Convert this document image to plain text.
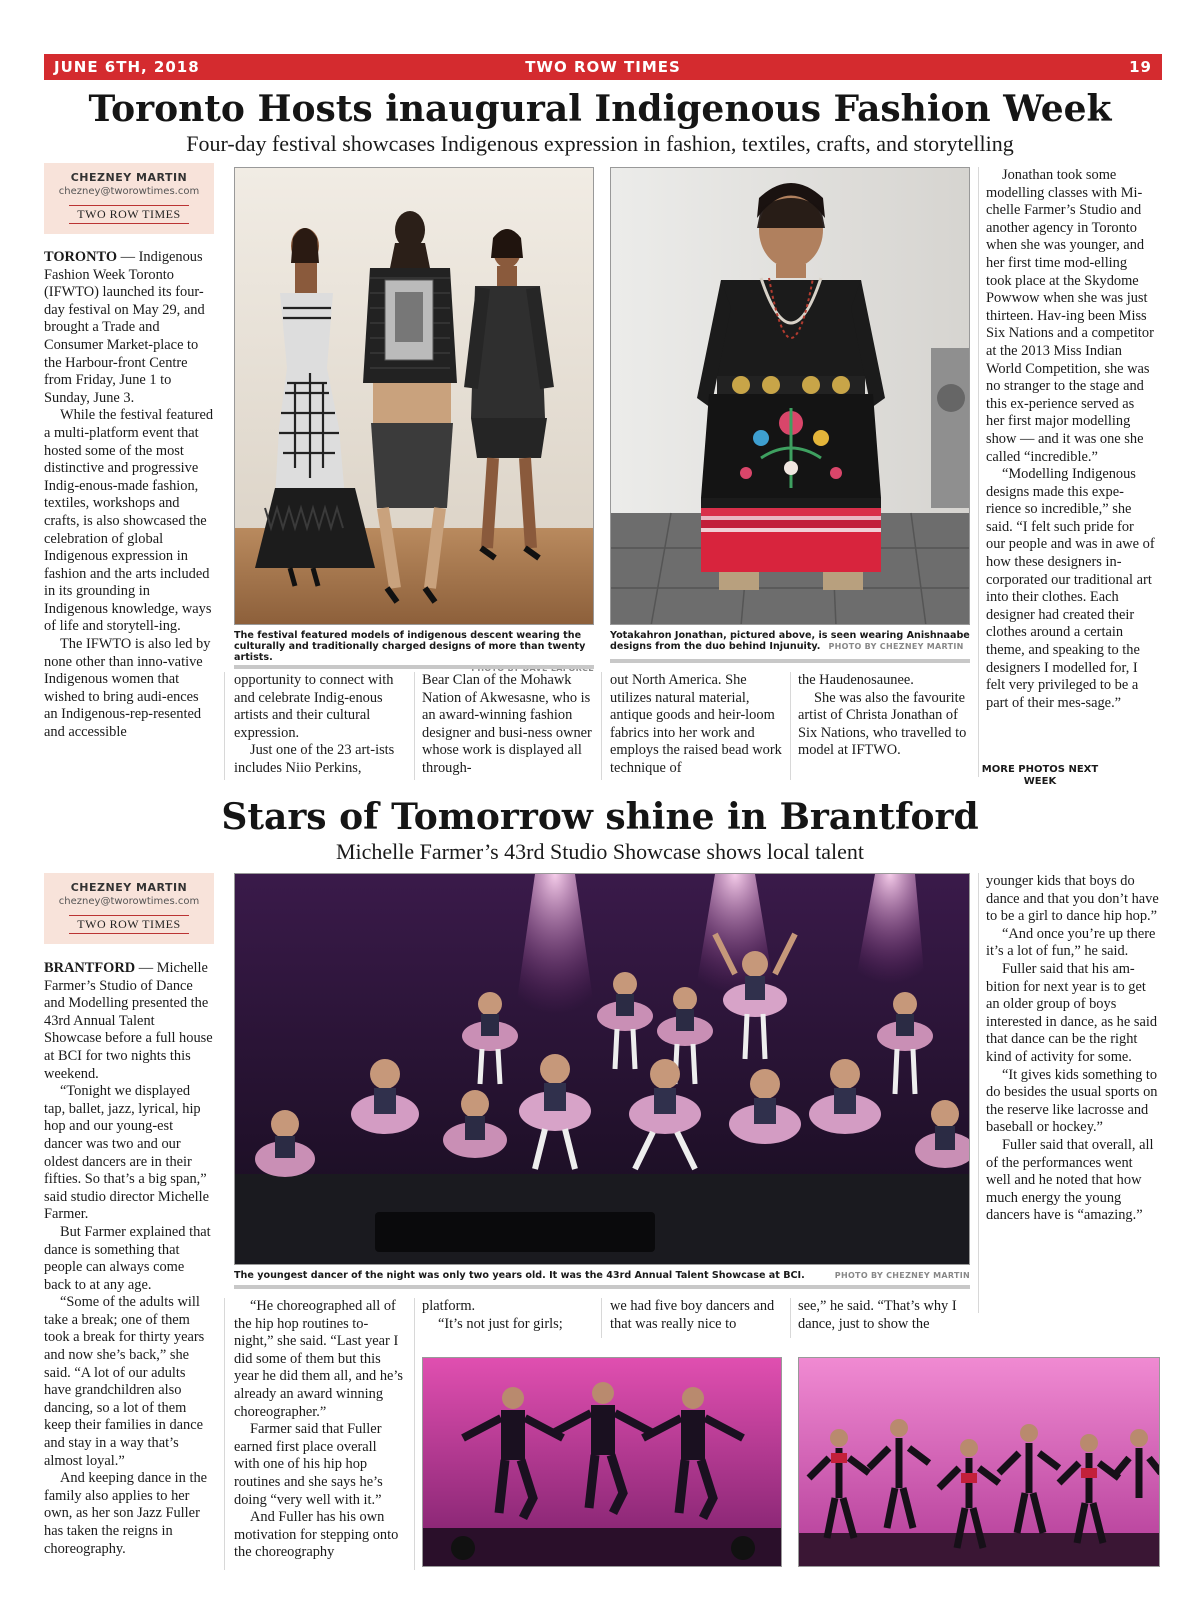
JUNE 6TH, 2018	TWO ROW TIMES	19
Toronto Hosts inaugural Indigenous Fashion Week
Four-day festival showcases Indigenous expression in fashion, textiles, crafts, and storytelling
CHEZNEY MARTIN
chezney@tworowtimes.com
TWO ROW TIMES

TORONTO — Indigenous Fashion Week Toronto (IFWTO) launched its four-day festival on May 29, and brought a Trade and Consumer Market-place to the Harbour-front Centre from Friday, June 1 to Sunday, June 3.

While the festival featured a multi-platform event that hosted some of the most distinctive and progressive Indig-enous-made fashion, textiles, workshops and crafts, is also showcased the celebration of global Indigenous expression in fashion and the arts included in its grounding in Indigenous knowledge, ways of life and storytell-ing.

The IFWTO is also led by none other than inno-vative Indigenous women that wished to bring audi-ences an Indigenous-rep-resented and accessible

The festival featured models of indigenous descent wearing the culturally and traditionally charged designs of more than twenty artists.
Yotakahron Jonathan, pictured above, is seen wearing Anishnaabe designs from the duo behind Injunuity. PHOTO BY CHEZNEY MARTIN

opportunity to connect with and celebrate Indig-enous artists and their cultural expression.

Just one of the 23 art-ists includes Niio Perkins,

Bear Clan of the Mohawk Nation of Akwesasne, who is an award-winning fashion designer and busi-ness owner whose work is displayed all through-

out North America. She utilizes natural material, antique goods and heir-loom fabrics into her work and employs the raised bead work technique of

the Haudenosaunee.

She was also the favourite artist of Christa Jonathan of Six Nations, who travelled to model at IFTWO.

Jonathan took some modelling classes with Mi-chelle Farmer’s Studio and another agency in Toronto when she was younger, and her first time mod-elling took place at the Skydome Powwow when she was just thirteen. Hav-ing been Miss Six Nations and a competitor at the 2013 Miss Indian World Competition, she was no stranger to the stage and this ex-perience served as her first major modelling show — and it was one she called “incredible.”

“Modelling Indigenous designs made this expe-rience so incredible,” she said. “I felt such pride for our people and was in awe of how these designers in-corporated our traditional art into their clothes. Each designer had created their clothes around a certain theme, and speaking to the designers I modelled for, I felt very privileged to be a part of their mes-sage.”

MORE PHOTOS NEXT WEEK
Stars of Tomorrow shine in Brantford
Michelle Farmer’s 43rd Studio Showcase shows local talent
CHEZNEY MARTIN
chezney@tworowtimes.com
TWO ROW TIMES

BRANTFORD — Michelle Farmer’s Studio of Dance and Modelling presented the 43rd Annual Talent Showcase before a full house at BCI for two nights this weekend.

“Tonight we displayed tap, ballet, jazz, lyrical, hip hop and our young-est dancer was two and our oldest dancers are in their fifties. So that’s a big span,” said studio director Michelle Farmer.

But Farmer explained that dance is something that people can always come back to at any age.

“Some of the adults will take a break; one of them took a break for thirty years and now she’s back,” she said. “A lot of our adults have grandchildren also dancing, so a lot of them keep their families in dance and stay in a way that’s almost loyal.”

And keeping dance in the family also applies to her own, as her son Jazz Fuller has taken the reigns in choreography.

The youngest dancer of the night was only two years old. It was the 43rd Annual Talent Showcase at BCI.	PHOTO BY CHEZNEY MARTIN

“He choreographed all of the hip hop routines to-night,” she said. “Last year I did some of them but this year he did them all, and he’s already an award winning choreographer.”

Farmer said that Fuller earned first place overall with one of his hip hop routines and she says he’s doing “very well with it.”

And Fuller has his own motivation for stepping onto the choreography

platform.

“It’s not just for girls;

we had five boy dancers and that was really nice to

see,” he said. “That’s why I dance, just to show the

younger kids that boys do dance and that you don’t have to be a girl to dance hip hop.”

“And once you’re up there it’s a lot of fun,” he said.

Fuller said that his am-bition for next year is to get an older group of boys interested in dance, as he said that dance can be the right kind of activity for some.

“It gives kids something to do besides the usual sports on the reserve like lacrosse and baseball or hockey.”

Fuller said that overall, all of the performances went well and he noted that how much energy the young dancers have is “amazing.”
